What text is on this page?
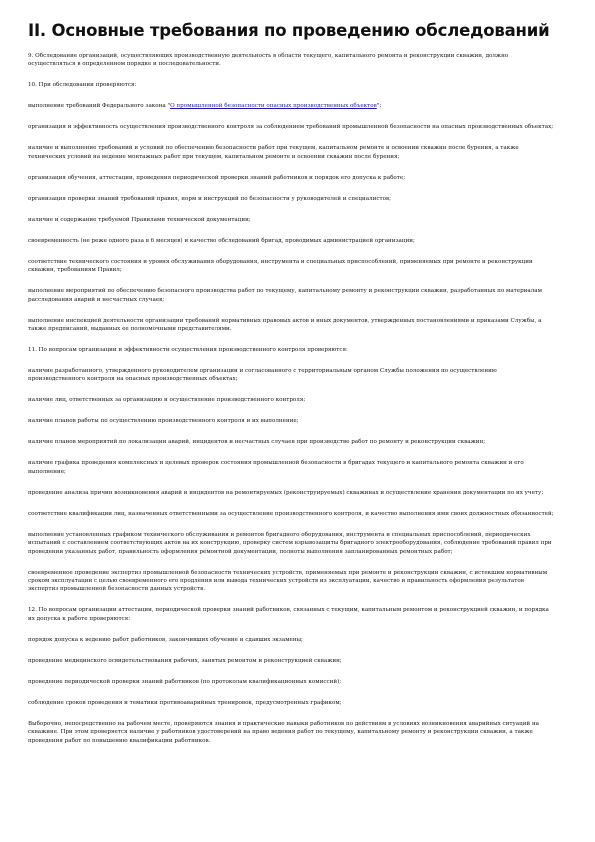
II. Основные требования по проведению обследований

9. Обследование организаций, осуществляющих производственную деятельность в области текущего, капитального ремонта и реконструкции скважин, должно осуществляться в определенном порядке и последовательности.

10. При обследовании проверяются:

выполнение требований Федерального закона "О промышленной безопасности опасных производственных объектов";

организация и эффективность осуществления производственного контроля за соблюдением требований промышленной безопасности на опасных производственных объектах;

наличие и выполнение требований и условий по обеспечению безопасности работ при текущем, капитальном ремонте и освоении скважин после бурения, а также технических условий на ведение монтажных работ при текущем, капитальном ремонте и освоении скважин после бурения;

организация обучения, аттестации, проведения периодической проверки знаний работников и порядок его допуска к работе;

организация проверки знаний требований правил, норм и инструкций по безопасности у руководителей и специалистов;

наличие и содержание требуемой Правилами технической документации;

своевременность (не реже одного раза в 6 месяцев) и качество обследований бригад, проводимых администрацией организации;

соответствие технического состояния и уровня обслуживания оборудования, инструмента и специальных приспособлений, применяемых при ремонте и реконструкции скважин, требованиям Правил;

выполнение мероприятий по обеспечению безопасного производства работ по текущему, капитальному ремонту и реконструкции скважин, разработанных по материалам расследования аварий и несчастных случаев;

выполнение инспекцией деятельности организации требований нормативных правовых актов и иных документов, утвержденных постановлениями и приказами Службы, а также предписаний, выданных ее полномочными представителями.

11. По вопросам организации и эффективности осуществления производственного контроля проверяются:

наличие разработанного, утвержденного руководителем организации и согласованного с территориальным органом Службы положения по осуществлению производственного контроля на опасных производственных объектах;

наличие лиц, ответственных за организацию и осуществление производственного контроля;

наличие планов работы по осуществлению производственного контроля и их выполнение;

наличие планов мероприятий по локализации аварий, инцидентов и несчастных случаев при производстве работ по ремонту и реконструкции скважин;

наличие графика проведения комплексных и целевых проверок состояния промышленной безопасности в бригадах текущего и капитального ремонта скважин и его выполнение;

проведение анализа причин возникновения аварий и инцидентов на ремонтируемых (реконструируемых) скважинах и осуществление хранения документации по их учету;

соответствие квалификации лиц, назначенных ответственными за осуществление производственного контроля, и качество выполнения ими своих должностных обязанностей;

выполнение установленных графиком технического обслуживания и ремонтов бригадного оборудования, инструмента и специальных приспособлений, периодических испытаний с составлением соответствующих актов на их конструкцию, проверку систем взрывозащиты бригадного электрооборудования, соблюдение требований правил при проведении указанных работ, правильность оформления ремонтной документации, полноты выполнения запланированных ремонтных работ;

своевременное проведение экспертиз промышленной безопасности технических устройств, применяемых при ремонте и реконструкции скважин, с истекшим нормативным сроком эксплуатации с целью своевременного его продления или вывода технических устройств из эксплуатации, качество и правильность оформления результатов экспертиз промышленной безопасности данных устройств.

12. По вопросам организации аттестации, периодической проверки знаний работников, связанных с текущим, капитальным ремонтом и реконструкцией скважин, и порядка их допуска к работе проверяются:

порядок допуска к ведению работ работников, закончивших обучение и сдавших экзамены;

проведение медицинского освидетельствования рабочих, занятых ремонтом и реконструкцией скважин;

проведение периодической проверки знаний работников (по протоколам квалификационных комиссий);

соблюдение сроков проведения и тематики противоаварийных тренировок, предусмотренных графиком;

Выборочно, непосредственно на рабочем месте, проверяются знания и практические навыки работников по действиям в условиях возникновения аварийных ситуаций на скважине. При этом проверяется наличие у работников удостоверений на право ведения работ по текущему, капитальному ремонту и реконструкции скважин, а также проведения работ по повышению квалификации работников.
